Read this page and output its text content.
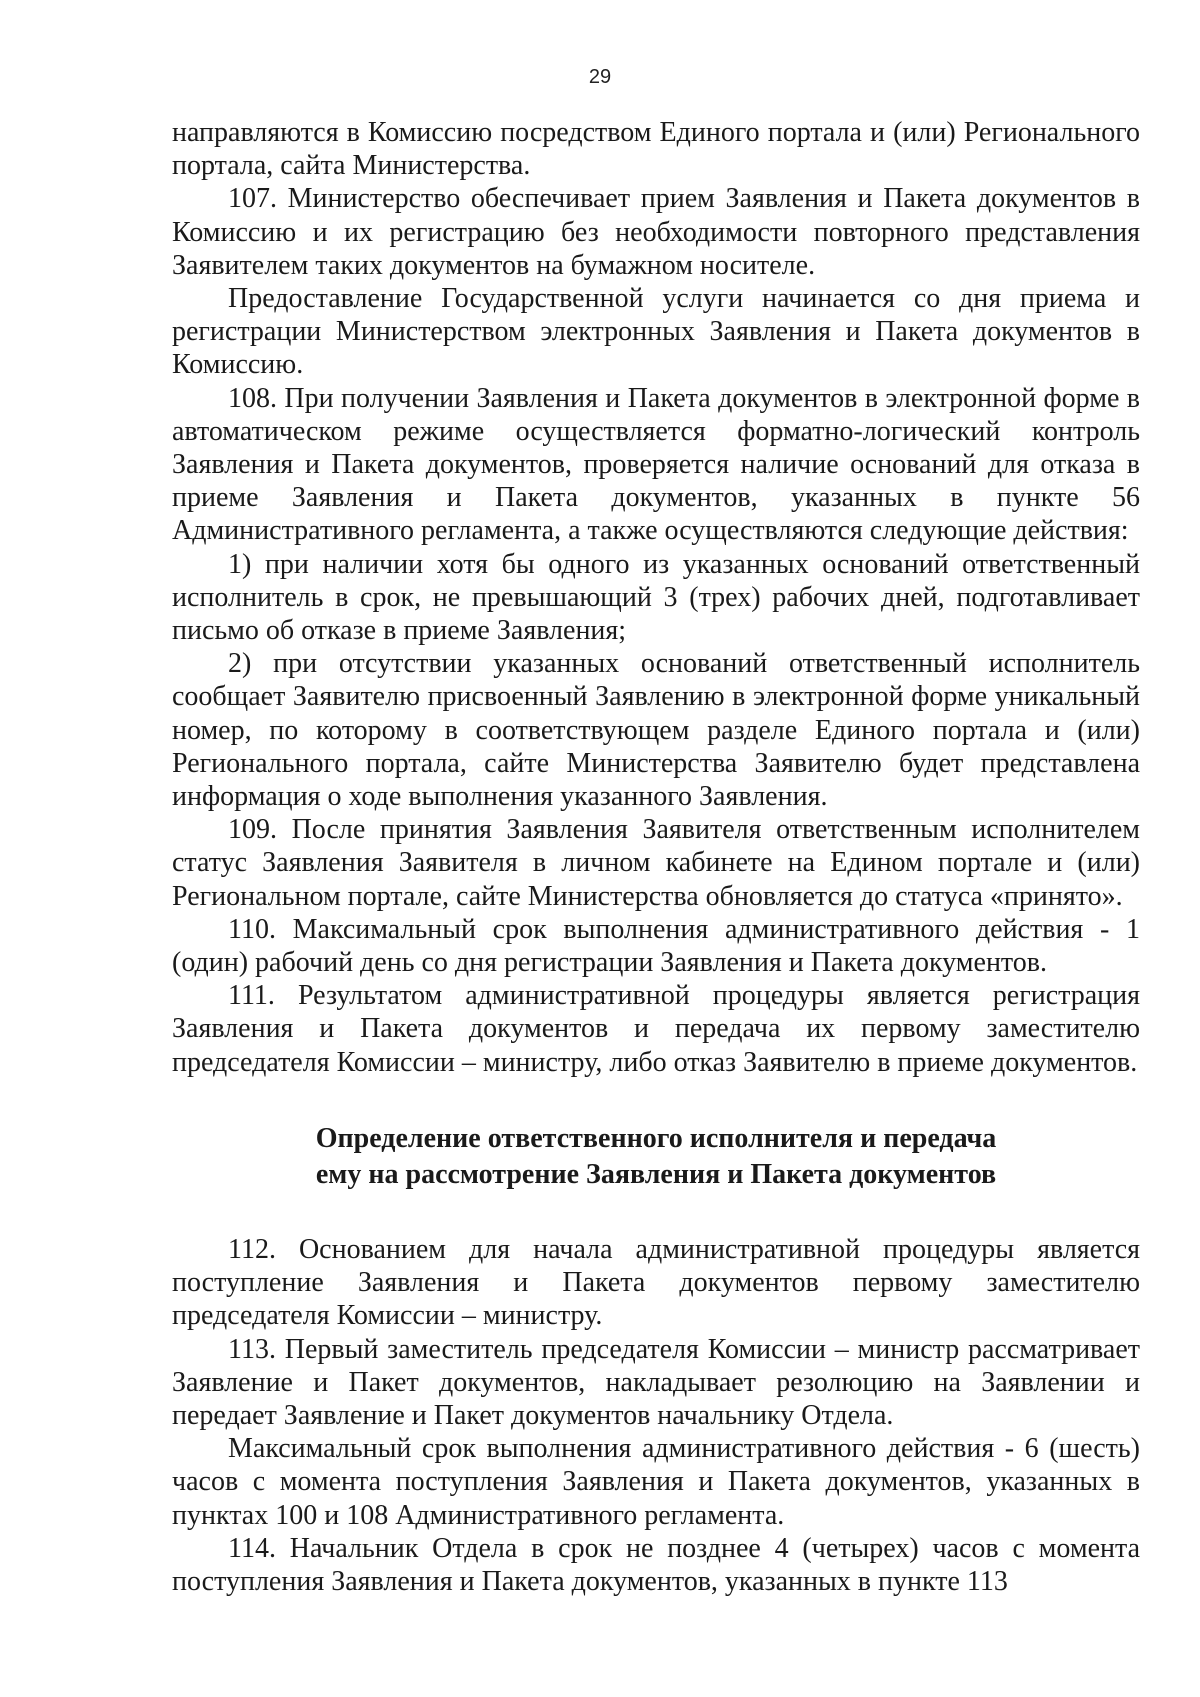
29

направляются в Комиссию посредством Единого портала и (или) Регионального портала, сайта Министерства.

107. Министерство обеспечивает прием Заявления и Пакета документов в Комиссию и их регистрацию без необходимости повторного представления Заявителем таких документов на бумажном носителе.

Предоставление Государственной услуги начинается со дня приема и регистрации Министерством электронных Заявления и Пакета документов в Комиссию.

108. При получении Заявления и Пакета документов в электронной форме в автоматическом режиме осуществляется форматно-логический контроль Заявления и Пакета документов, проверяется наличие оснований для отказа в приеме Заявления и Пакета документов, указанных в пункте 56 Административного регламента, а также осуществляются следующие действия:

1) при наличии хотя бы одного из указанных оснований ответственный исполнитель в срок, не превышающий 3 (трех) рабочих дней, подготавливает письмо об отказе в приеме Заявления;

2) при отсутствии указанных оснований ответственный исполнитель сообщает Заявителю присвоенный Заявлению в электронной форме уникальный номер, по которому в соответствующем разделе Единого портала и (или) Регионального портала, сайте Министерства Заявителю будет представлена информация о ходе выполнения указанного Заявления.

109. После принятия Заявления Заявителя ответственным исполнителем статус Заявления Заявителя в личном кабинете на Едином портале и (или) Региональном портале, сайте Министерства обновляется до статуса «принято».

110. Максимальный срок выполнения административного действия - 1 (один) рабочий день со дня регистрации Заявления и Пакета документов.

111. Результатом административной процедуры является регистрация Заявления и Пакета документов и передача их первому заместителю председателя Комиссии – министру, либо отказ Заявителю в приеме документов.

Определение ответственного исполнителя и передача
ему на рассмотрение Заявления и Пакета документов

112. Основанием для начала административной процедуры является поступление Заявления и Пакета документов первому заместителю председателя Комиссии – министру.

113. Первый заместитель председателя Комиссии – министр рассматривает Заявление и Пакет документов, накладывает резолюцию на Заявлении и передает Заявление и Пакет документов начальнику Отдела.

Максимальный срок выполнения административного действия - 6 (шесть) часов с момента поступления Заявления и Пакета документов, указанных в пунктах 100 и 108 Административного регламента.

114. Начальник Отдела в срок не позднее 4 (четырех) часов с момента поступления Заявления и Пакета документов, указанных в пункте 113
